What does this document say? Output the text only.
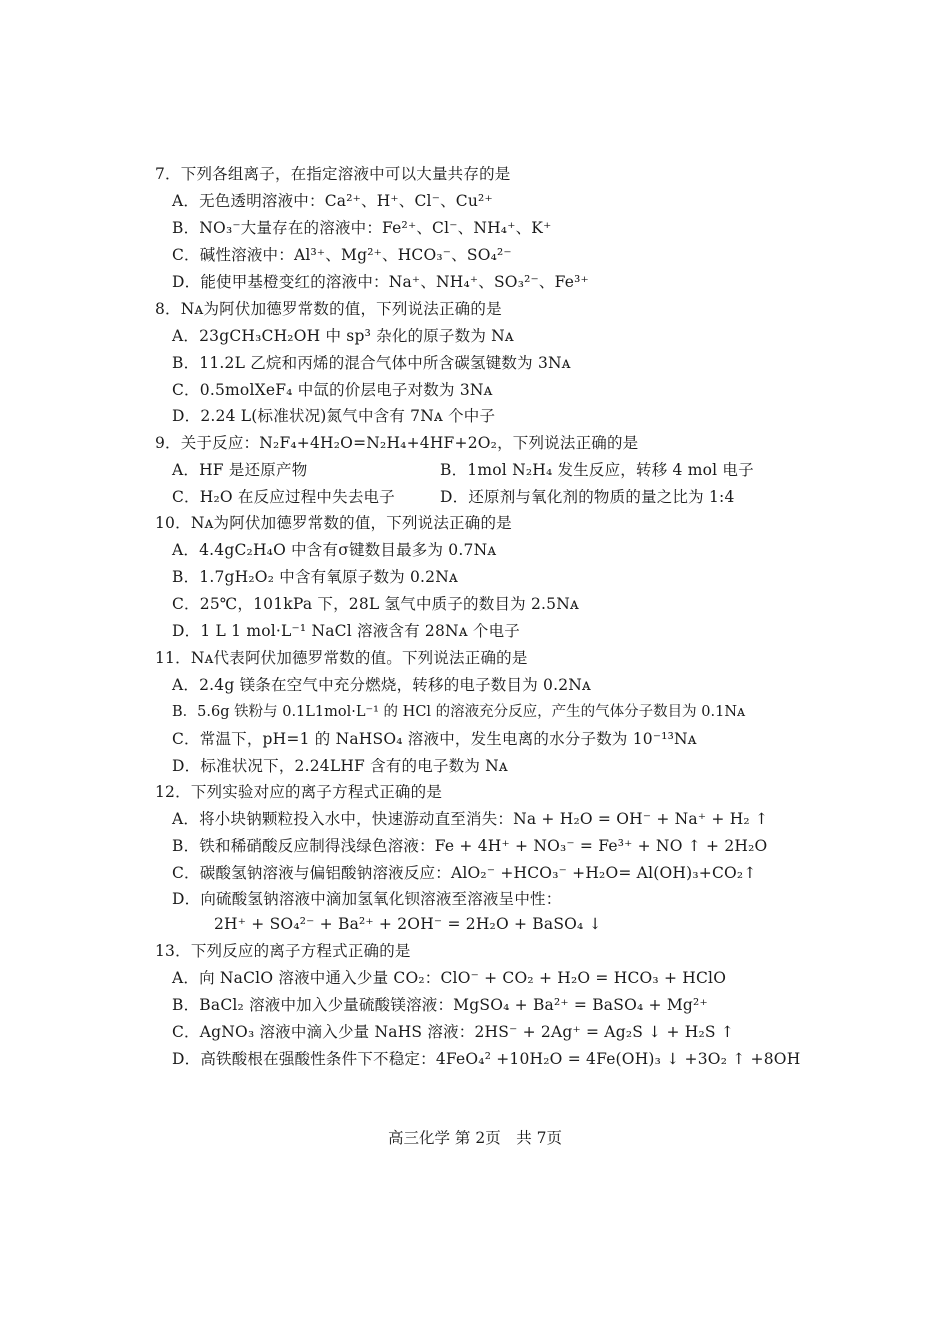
7．下列各组离子，在指定溶液中可以大量共存的是
A．无色透明溶液中：Ca²⁺、H⁺、Cl⁻、Cu²⁺
B．NO₃⁻大量存在的溶液中：Fe²⁺、Cl⁻、NH₄⁺、K⁺
C．碱性溶液中：Al³⁺、Mg²⁺、HCO₃⁻、SO₄²⁻
D．能使甲基橙变红的溶液中：Na⁺、NH₄⁺、SO₃²⁻、Fe³⁺
8．Nᴀ为阿伏加德罗常数的值，下列说法正确的是
A．23gCH₃CH₂OH 中 sp³ 杂化的原子数为 Nᴀ
B．11.2L 乙烷和丙烯的混合气体中所含碳氢键数为 3Nᴀ
C．0.5molXeF₄ 中氙的价层电子对数为 3Nᴀ
D．2.24 L(标准状况)氮气中含有 7Nᴀ 个中子
9．关于反应：N₂F₄+4H₂O=N₂H₄+4HF+2O₂，下列说法正确的是
A．HF 是还原产物	B．1mol N₂H₄ 发生反应，转移 4 mol 电子
C．H₂O 在反应过程中失去电子	D．还原剂与氧化剂的物质的量之比为 1:4
10．Nᴀ为阿伏加德罗常数的值，下列说法正确的是
A．4.4gC₂H₄O 中含有σ键数目最多为 0.7Nᴀ
B．1.7gH₂O₂ 中含有氧原子数为 0.2Nᴀ
C．25℃，101kPa 下，28L 氢气中质子的数目为 2.5Nᴀ
D．1 L 1 mol·L⁻¹ NaCl 溶液含有 28Nᴀ 个电子
11．Nᴀ代表阿伏加德罗常数的值。下列说法正确的是
A．2.4g 镁条在空气中充分燃烧，转移的电子数目为 0.2Nᴀ
B．5.6g 铁粉与 0.1L1mol·L⁻¹ 的 HCl 的溶液充分反应，产生的气体分子数目为 0.1Nᴀ
C．常温下，pH=1 的 NaHSO₄ 溶液中，发生电离的水分子数为 10⁻¹³Nᴀ
D．标准状况下，2.24LHF 含有的电子数为 Nᴀ
12．下列实验对应的离子方程式正确的是
A．将小块钠颗粒投入水中，快速游动直至消失：Na + H₂O = OH⁻ + Na⁺ + H₂ ↑
B．铁和稀硝酸反应制得浅绿色溶液：Fe + 4H⁺ + NO₃⁻ = Fe³⁺ + NO ↑ + 2H₂O
C．碳酸氢钠溶液与偏铝酸钠溶液反应：AlO₂⁻ +HCO₃⁻ +H₂O= Al(OH)₃+CO₂↑
D．向硫酸氢钠溶液中滴加氢氧化钡溶液至溶液呈中性：
2H⁺ + SO₄²⁻ + Ba²⁺ + 2OH⁻ = 2H₂O + BaSO₄ ↓
13．下列反应的离子方程式正确的是
A．向 NaClO 溶液中通入少量 CO₂：ClO⁻ + CO₂ + H₂O = HCO₃ + HClO
B．BaCl₂ 溶液中加入少量硫酸镁溶液：MgSO₄ + Ba²⁺ = BaSO₄ + Mg²⁺
C．AgNO₃ 溶液中滴入少量 NaHS 溶液：2HS⁻ + 2Ag⁺ = Ag₂S ↓ + H₂S ↑
D．高铁酸根在强酸性条件下不稳定：4FeO₄² +10H₂O = 4Fe(OH)₃ ↓ +3O₂ ↑ +8OH
高三化学 第 2页　共 7页
